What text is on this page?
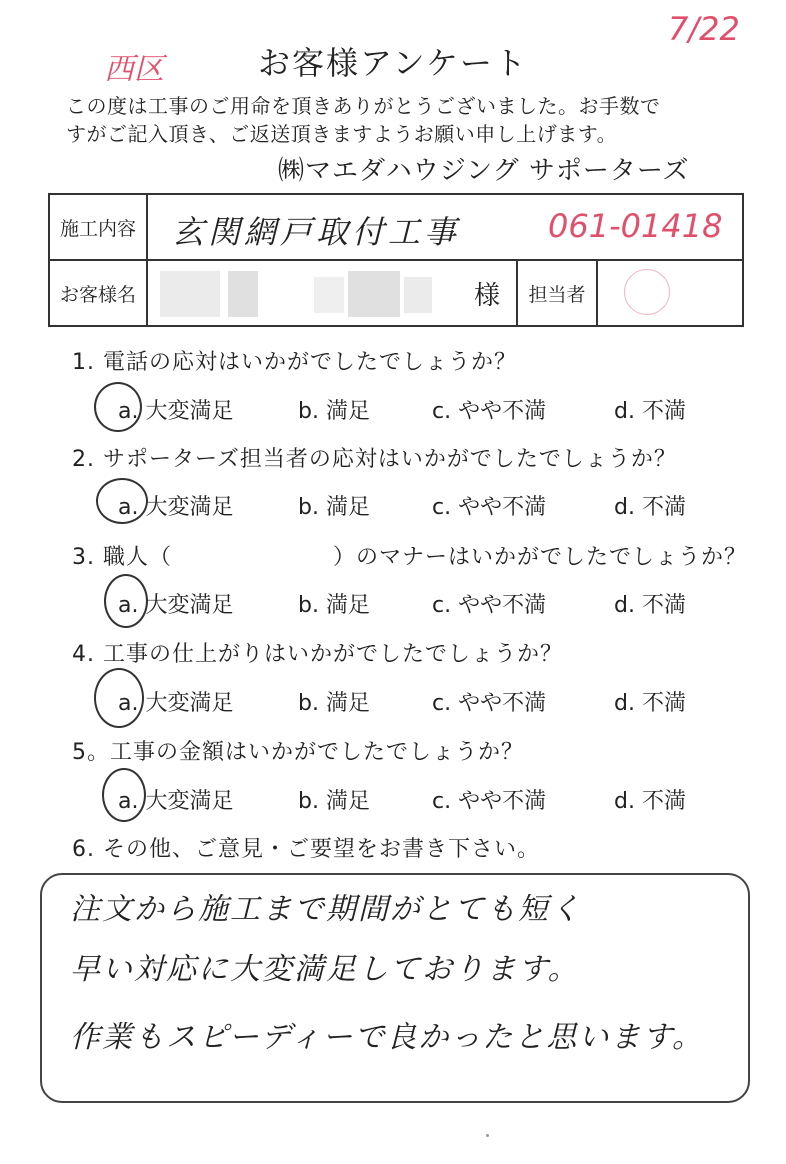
西区	お客様アンケート
7/22
この度は工事のご用命を頂きありがとうございました。お手数で
すがご記入頂き、ご返送頂きますようお願い申し上げます。
㈱マエダハウジング サポーターズ
施工内容	玄関網戸取付工事	061-01418
お客様名	様	担当者
1. 電話の応対はいかがでしたでしょうか？
a. 大変満足	b. 満足	c. やや不満	d. 不満
2. サポーターズ担当者の応対はいかがでしたでしょうか？
a. 大変満足	b. 満足	c. やや不満	d. 不満
3. 職人（　　　　　　　）のマナーはいかがでしたでしょうか？
a. 大変満足	b. 満足	c. やや不満	d. 不満
4. 工事の仕上がりはいかがでしたでしょうか？
a. 大変満足	b. 満足	c. やや不満	d. 不満
5。工事の金額はいかがでしたでしょうか？
a. 大変満足	b. 満足	c. やや不満	d. 不満
6. その他、ご意見・ご要望をお書き下さい。
注文から施工まで期間がとても短く
早い対応に大変満足しております。
作業もスピーディーで良かったと思います。
